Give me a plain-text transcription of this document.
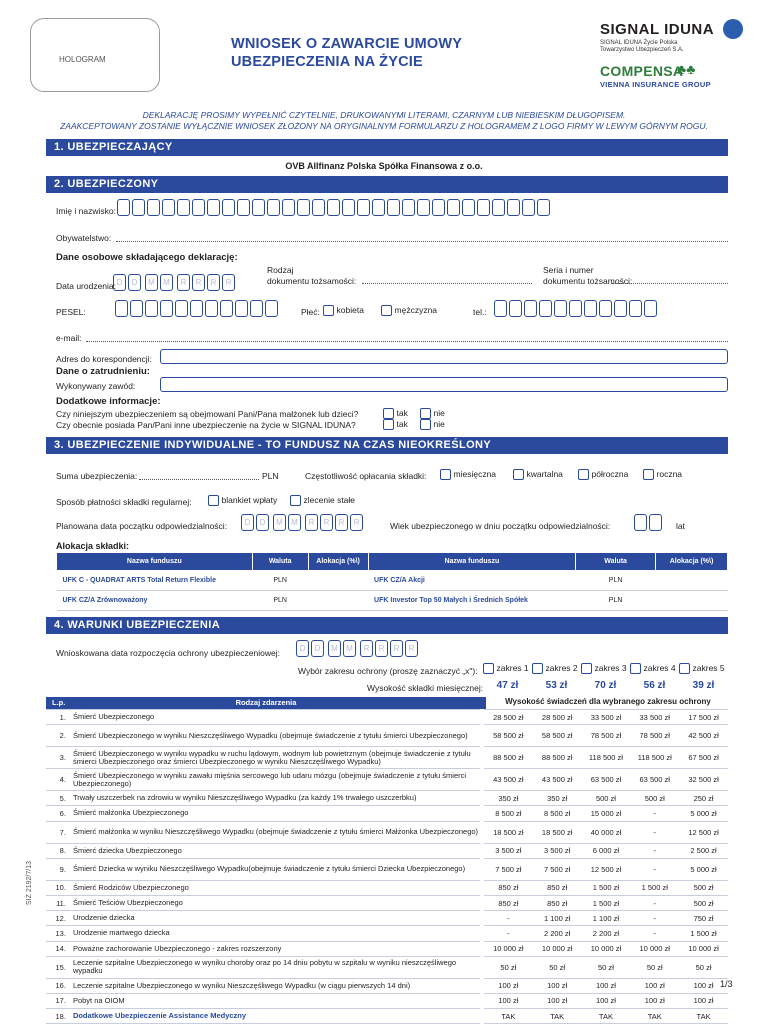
HOLOGRAM
WNIOSEK O ZAWARCIE UMOWY
UBEZPIECZENIA NA ŻYCIE
SIGNAL IDUNA
SIGNAL IDUNA Życie Polska
Towarzystwo Ubezpieczeń S.A.
COMPENSA
♣♣
VIENNA INSURANCE GROUP
DEKLARACJĘ PROSIMY WYPEŁNIĆ CZYTELNIE, DRUKOWANYMI LITERAMI, CZARNYM LUB NIEBIESKIM DŁUGOPISEM.
ZAAKCEPTOWANY ZOSTANIE WYŁĄCZNIE WNIOSEK ZŁOŻONY NA ORYGINALNYM FORMULARZU Z HOLOGRAMEM Z LOGO FIRMY W LEWYM GÓRNYM ROGU.
1. UBEZPIECZAJĄCY
OVB Allfinanz Polska Spółka Finansowa z o.o.
2. UBEZPIECZONY
Imię i nazwisko:
Obywatelstwo:
Dane osobowe składającego deklarację:
Data urodzenia: D	D	M	M	R	R	R	R
Rodzaj
dokumentu tożsamości:
Seria i numer
dokumentu tożsamości:
PESEL:	Płeć:	kobieta	mężczyzna	tel.:
e-mail:
Adres do korespondencji:
Dane o zatrudnieniu:
Wykonywany zawód:
Dodatkowe informacje:
Czy niniejszym ubezpieczeniem są obejmowani Pani/Pana małżonek lub dzieci?
Czy obecnie posiada Pan/Pani inne ubezpieczenie na życie w SIGNAL IDUNA?
tak
tak
nie
nie
3. UBEZPIECZENIE INDYWIDUALNE - TO FUNDUSZ NA CZAS NIEOKREŚLONY
Suma ubezpieczenia:	PLN	Częstotliwość opłacania składki:	miesięczna	kwartalna	półroczna	roczna
Sposób płatności składki regularnej:	blankiet wpłaty	zlecenie stałe
Planowana data początku odpowiedzialności:	D	D	M	M	R	R	R	R	Wiek ubezpieczonego w dniu początku odpowiedzialności:	lat
Alokacja składki:
Nazwa funduszu	Waluta	Alokacja (%\)	Nazwa funduszu	Waluta	Alokacja (%\)
UFK C - QUADRAT ARTS Total Return Flexible	PLN		UFK CZ/A Akcji	PLN	
UFK CZ/A Zrównoważony	PLN		UFK Investor Top 50 Małych i Średnich Spółek	PLN	
4. WARUNKI UBEZPIECZENIA
Wnioskowana data rozpoczęcia ochrony ubezpieczeniowej:	D	D	M	M	R	R	R	R
Wybór zakresu ochrony (proszę zaznaczyć „x"):
Wysokość składki miesięcznej:
zakres 1	zakres 2	zakres 3	zakres 4	zakres 5
47 zł	53 zł	70 zł	56 zł	39 zł
L.p.	Rodzaj zdarzenia	Wysokość świadczeń dla wybranego zakresu ochrony
1.	Śmierć Ubezpieczonego		28 500 zł	28 500 zł	33 500 zł	33 500 zł	17 500 zł
2.	Śmierć Ubezpieczonego w wyniku Nieszczęśliwego Wypadku (obejmuje świadczenie z tytułu śmierci Ubezpieczonego)		58 500 zł	58 500 zł	78 500 zł	78 500 zł	42 500 zł
3.	Śmierć Ubezpieczonego w wyniku wypadku w ruchu lądowym, wodnym lub powietrznym (obejmuje świadczenie z tytułu śmierci Ubezpieczonego oraz śmierci Ubezpieczonego w wyniku Nieszczęśliwego Wypadku)		88 500 zł	88 500 zł	118 500 zł	118 500 zł	67 500 zł
4.	Śmierć Ubezpieczonego w wyniku zawału mięśnia sercowego lub udaru mózgu (obejmuje świadczenie z tytułu śmierci Ubezpieczonego)		43 500 zł	43 500 zł	63 500 zł	63 500 zł	32 500 zł
5.	Trwały uszczerbek na zdrowiu w wyniku Nieszczęśliwego Wypadku (za każdy 1% trwałego uszczerbku)		350 zł	350 zł	500 zł	500 zł	250 zł
6.	Śmierć małżonka Ubezpieczonego		8 500 zł	8 500 zł	15 000 zł	-	5 000 zł
7.	Śmierć małżonka w wyniku Nieszczęśliwego Wypadku (obejmuje świadczenie z tytułu śmierci Małżonka Ubezpieczonego)		18 500 zł	18 500 zł	40 000 zł	-	12 500 zł
8.	Śmierć dziecka Ubezpieczonego		3 500 zł	3 500 zł	6 000 zł	-	2 500 zł
9.	Śmierć Dziecka w wyniku Nieszczęśliwego Wypadku(obejmuje świadczenie z tytułu śmierci Dziecka Ubezpieczonego)		7 500 zł	7 500 zł	12 500 zł	-	5 000 zł
10.	Śmierć Rodziców Ubezpieczonego		850 zł	850 zł	1 500 zł	1 500 zł	500 zł
11.	Śmierć Teściów Ubezpieczonego		850 zł	850 zł	1 500 zł	-	500 zł
12.	Urodzenie dziecka		-	1 100 zł	1 100 zł	-	750 zł
13.	Urodzenie martwego dziecka		-	2 200 zł	2 200 zł	-	1 500 zł
14.	Poważne zachorowanie Ubezpieczonego - zakres rozszerzony		10 000 zł	10 000 zł	10 000 zł	10 000 zł	10 000 zł
15.	Leczenie szpitalne Ubezpieczonego w wyniku choroby oraz po 14 dniu pobytu w szpitalu w wyniku nieszczęśliwego wypadku		50 zł	50 zł	50 zł	50 zł	50 zł
16.	Leczenie szpitalne Ubezpieczonego w wyniku Nieszczęśliwego Wypadku (w ciągu pierwszych 14 dni)		100 zł	100 zł	100 zł	100 zł	100 zł
17.	Pobyt na OIOM		100 zł	100 zł	100 zł	100 zł	100 zł
18.	Dodatkowe Ubezpieczenie Assistance Medyczny		TAK	TAK	TAK	TAK	TAK
SIŻ 2192/7/13
1/3
